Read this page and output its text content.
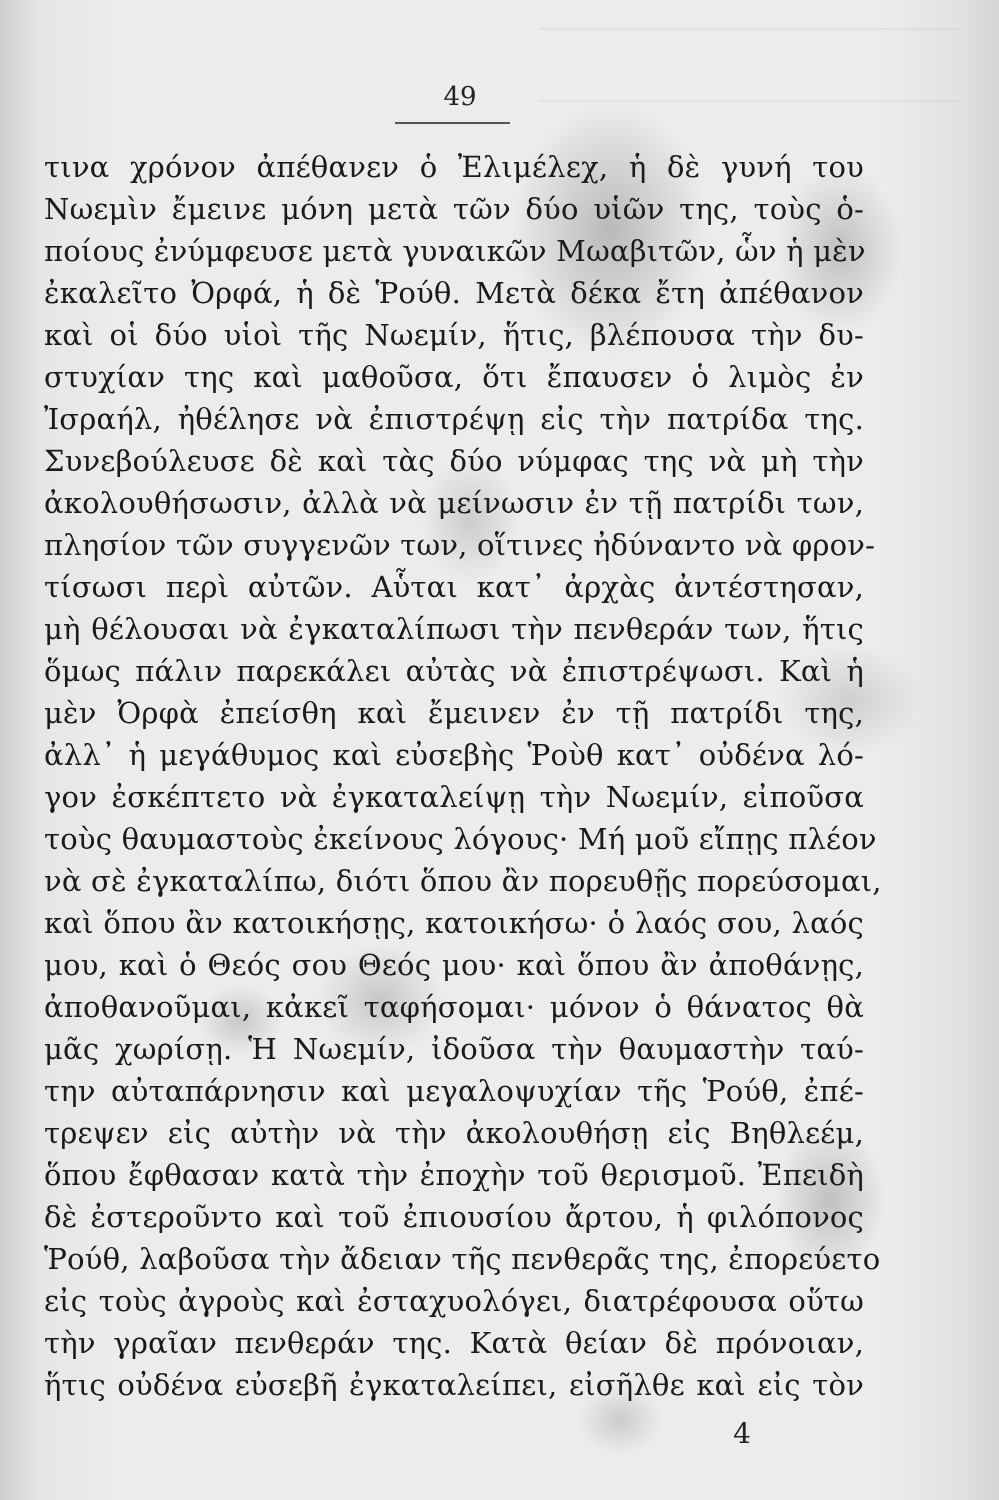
49
τινα χρόνον ἀπέθανεν ὁ Ἐλιμέλεχ, ἡ δὲ γυνή του
Νωεμὶν ἔμεινε μόνη μετὰ τῶν δύο υἱῶν της, τοὺς ὁ-
ποίους ἐνύμφευσε μετὰ γυναικῶν Μωαβιτῶν, ὧν ἡ μὲν
ἐκαλεῖτο Ὀρφά, ἡ δὲ Ῥούθ. Μετὰ δέκα ἔτη ἀπέθανον
καὶ οἱ δύο υἱοὶ τῆς Νωεμίν, ἥτις, βλέπουσα τὴν δυ-
στυχίαν της καὶ μαθοῦσα, ὅτι ἔπαυσεν ὁ λιμὸς ἐν
Ἰσραήλ, ἠθέλησε νὰ ἐπιστρέψῃ εἰς τὴν πατρίδα της.
Συνεβούλευσε δὲ καὶ τὰς δύο νύμφας της νὰ μὴ τὴν
ἀκολουθήσωσιν, ἀλλὰ νὰ μείνωσιν ἐν τῇ πατρίδι των,
πλησίον τῶν συγγενῶν των, οἵτινες ἠδύναντο νὰ φρον-
τίσωσι περὶ αὐτῶν. Αὗται κατ᾽ ἀρχὰς ἀντέστησαν,
μὴ θέλουσαι νὰ ἐγκαταλίπωσι τὴν πενθεράν των, ἥτις
ὅμως πάλιν παρεκάλει αὐτὰς νὰ ἐπιστρέψωσι. Καὶ ἡ
μὲν Ὀρφὰ ἐπείσθη καὶ ἔμεινεν ἐν τῇ πατρίδι της,
ἀλλ᾽ ἡ μεγάθυμος καὶ εὐσεβὴς Ῥοὺθ κατ᾽ οὐδένα λό-
γον ἐσκέπτετο νὰ ἐγκαταλείψῃ τὴν Νωεμίν, εἰποῦσα
τοὺς θαυμαστοὺς ἐκείνους λόγους· Μή μοῦ εἴπῃς πλέον
νὰ σὲ ἐγκαταλίπω, διότι ὅπου ἂν πορευθῇς πορεύσομαι,
καὶ ὅπου ἂν κατοικήσῃς, κατοικήσω· ὁ λαός σου, λαός
μου, καὶ ὁ Θεός σου Θεός μου· καὶ ὅπου ἂν ἀποθάνῃς,
ἀποθανοῦμαι, κἀκεῖ ταφήσομαι· μόνον ὁ θάνατος θὰ
μᾶς χωρίσῃ. Ἡ Νωεμίν, ἰδοῦσα τὴν θαυμαστὴν ταύ-
την αὐταπάρνησιν καὶ μεγαλοψυχίαν τῆς Ῥούθ, ἐπέ-
τρεψεν εἰς αὐτὴν νὰ τὴν ἀκολουθήσῃ εἰς Βηθλεέμ,
ὅπου ἔφθασαν κατὰ τὴν ἐποχὴν τοῦ θερισμοῦ. Ἐπειδὴ
δὲ ἐστεροῦντο καὶ τοῦ ἐπιουσίου ἄρτου, ἡ φιλόπονος
Ῥούθ, λαβοῦσα τὴν ἄδειαν τῆς πενθερᾶς της, ἐπορεύετο
εἰς τοὺς ἀγροὺς καὶ ἐσταχυολόγει, διατρέφουσα οὕτω
τὴν γραῖαν πενθεράν της. Κατὰ θείαν δὲ πρόνοιαν,
ἥτις οὐδένα εὐσεβῆ ἐγκαταλείπει, εἰσῆλθε καὶ εἰς τὸν
4
